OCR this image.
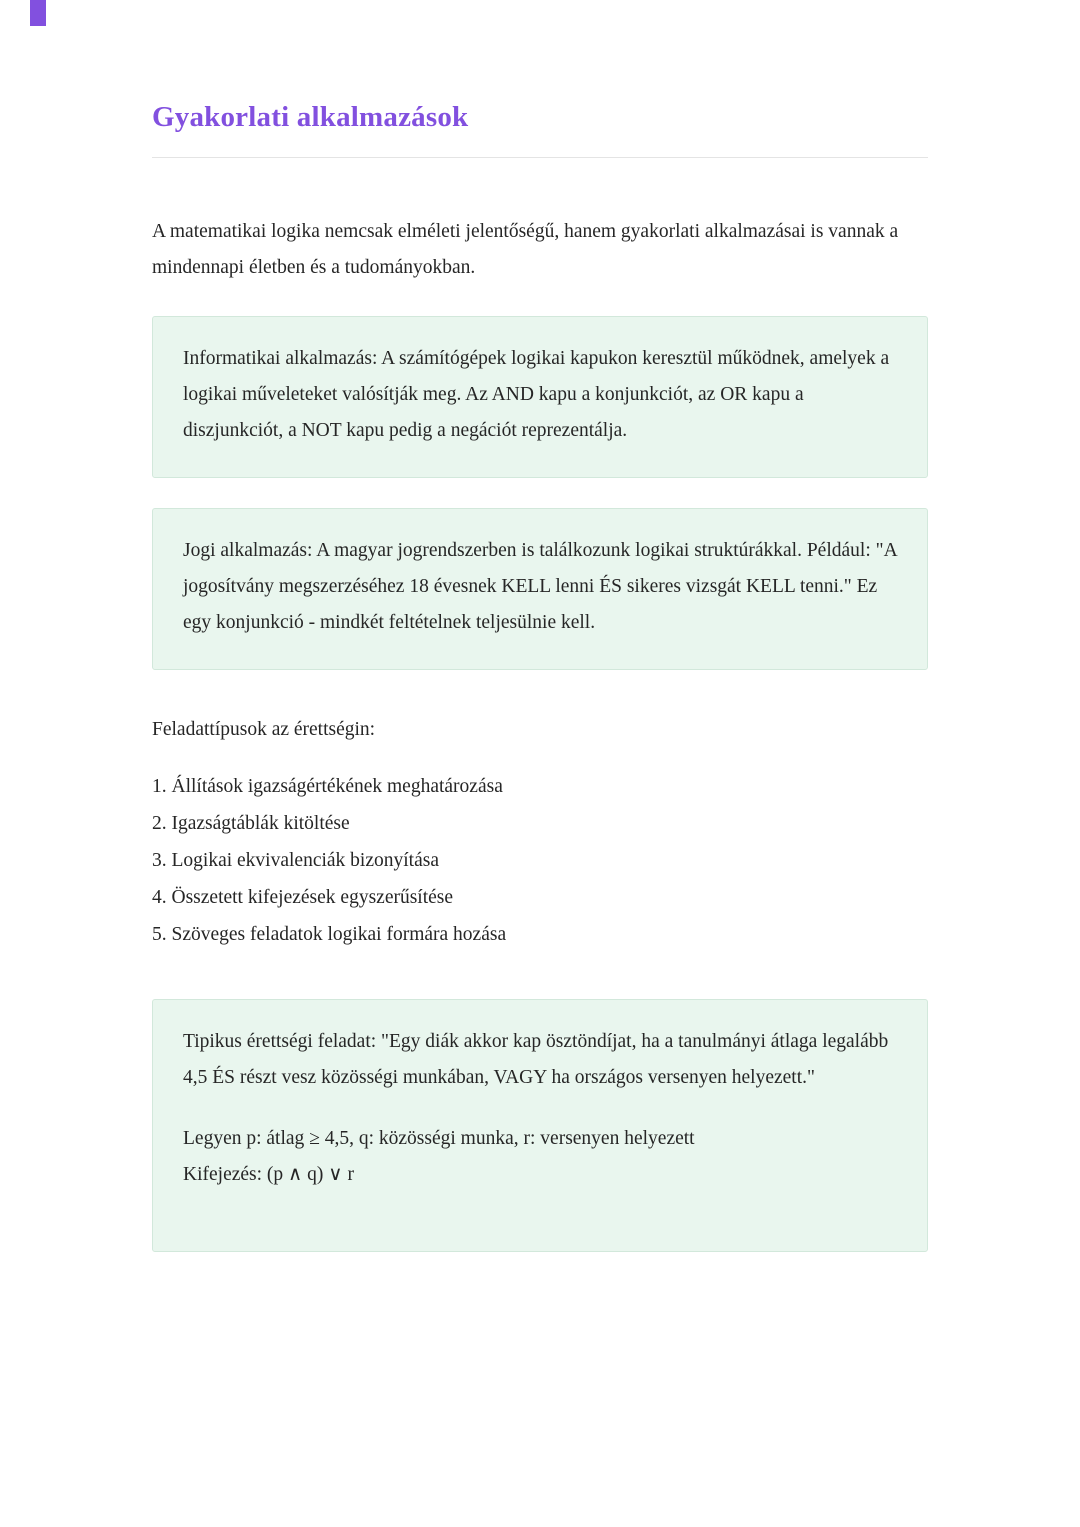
Gyakorlati alkalmazások

A matematikai logika nemcsak elméleti jelentőségű, hanem gyakorlati alkalmazásai is vannak a mindennapi életben és a tudományokban.

Informatikai alkalmazás: A számítógépek logikai kapukon keresztül működnek, amelyek a logikai műveleteket valósítják meg. Az AND kapu a konjunkciót, az OR kapu a diszjunkciót, a NOT kapu pedig a negációt reprezentálja.

Jogi alkalmazás: A magyar jogrendszerben is találkozunk logikai struktúrákkal. Például: "A jogosítvány megszerzéséhez 18 évesnek KELL lenni ÉS sikeres vizsgát KELL tenni." Ez egy konjunkció - mindkét feltételnek teljesülnie kell.

Feladattípusok az érettségin:

1. Állítások igazságértékének meghatározása
2. Igazságtáblák kitöltése
3. Logikai ekvivalenciák bizonyítása
4. Összetett kifejezések egyszerűsítése
5. Szöveges feladatok logikai formára hozása

Tipikus érettségi feladat: "Egy diák akkor kap ösztöndíjat, ha a tanulmányi átlaga legalább 4,5 ÉS részt vesz közösségi munkában, VAGY ha országos versenyen helyezett."

Legyen p: átlag ≥ 4,5, q: közösségi munka, r: versenyen helyezett

Kifejezés: (p ∧ q) ∨ r
